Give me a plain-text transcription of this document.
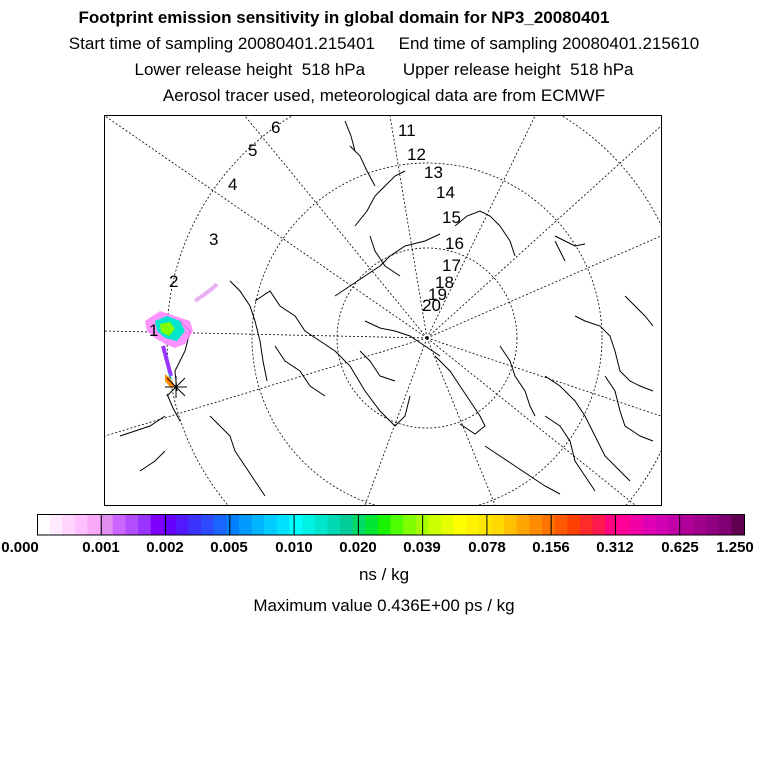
Footprint emission sensitivity in global domain for NP3_20080401
Start time of sampling 20080401.215401     End time of sampling 20080401.215610
Lower release height  518 hPa        Upper release height  518 hPa
Aerosol tracer used, meteorological data are from ECMWF
1
2
3
4
5
6	11
12
13
14
15
16
17
18
19
20
0.000	0.001 0.002 0.005 0.010 0.020 0.039 0.078 0.156 0.312 0.625 1.250
ns / kg
Maximum value 0.436E+00 ps / kg
